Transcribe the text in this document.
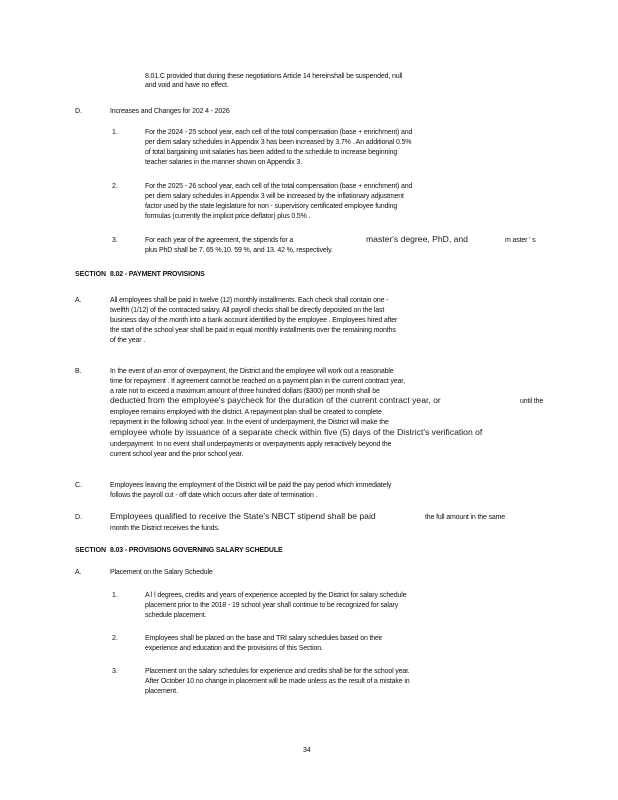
8.01.C provided that during these negotiations Article 14 hereinshall be suspended, null
and void and have no effect.
D.	Increases and Changes for 202 4 - 2026
1.	For the 2024 - 25 school year, each cell of the total compensation (base + enrichment) and
per diem salary schedules in Appendix 3 has been increased by 3.7% . An additional 0.5%
of total bargaining unit salaries has been added to the schedule to increase beginning
teacher salaries in the manner shown on Appendix 3.
2.	For the 2025 - 26 school year, each cell of the total compensation (base + enrichment) and
per diem salary schedules in Appendix 3 will be increased by the inflationary adjustment
factor used by the state legislature for non - supervisory certificated employee funding
formulas (currently the implicit price deflator) plus 0.5% .
3.	For each year of the agreement, the stipends for a	master's degree, PhD, and	m aster ' s
plus PhD shall be 7. 65 %,10. 59 %, and 13. 42 %, respectively.
SECTION 8.02 - PAYMENT PROVISIONS
A.	All employees shall be paid in twelve (12) monthly installments. Each check shall contain one -
twelfth (1/12) of the contracted salary. All payroll checks shall be directly deposited on the last
business day of the month into a bank account identified by the employee . Employees hired after
the start of the school year shall be paid in equal monthly installments over the remaining months
of the year .
B.	In the event of an error of overpayment, the District and the employee will work out a reasonable
time for repayment . If agreement cannot be reached on a payment plan in the current contract year,
a rate not to exceed a maximum amount of three hundred dollars ($300) per month shall be
deducted from the employee's paycheck for the duration of the current contract year, or	until the
employee remains employed with the district. A repayment plan shall be created to complete
repayment in the following school year. In the event of underpayment, the District will make the
employee whole by issuance of a separate check within five (5) days of the District's verification of
underpayment. In no event shall underpayments or overpayments apply retractively beyond the
current school year and the prior school year.
C.	Employees leaving the employment of the District will be paid the pay period which immediately
follows the payroll cut - off date which occurs after date of termination .
D.	Employees qualified to receive the State's NBCT stipend shall be paid	the full amount in the same
month the District receives the funds.
SECTION 8.03 - PROVISIONS GOVERNING SALARY SCHEDULE
A.	Placement on the Salary Schedule
1.	A l l degrees, credits and years of experience accepted by the District for salary schedule
placement prior to the 2018 - 19 school year shall continue to be recognized for salary
schedule placement.
2.	Employees shall be placed on the base and TRI salary schedules based on their
experience and education and the provisions of this Section.
3.	Placement on the salary schedules for experience and credits shall be for the school year.
After October 10 no change in placement will be made unless as the result of a mistake in
placement.
34
